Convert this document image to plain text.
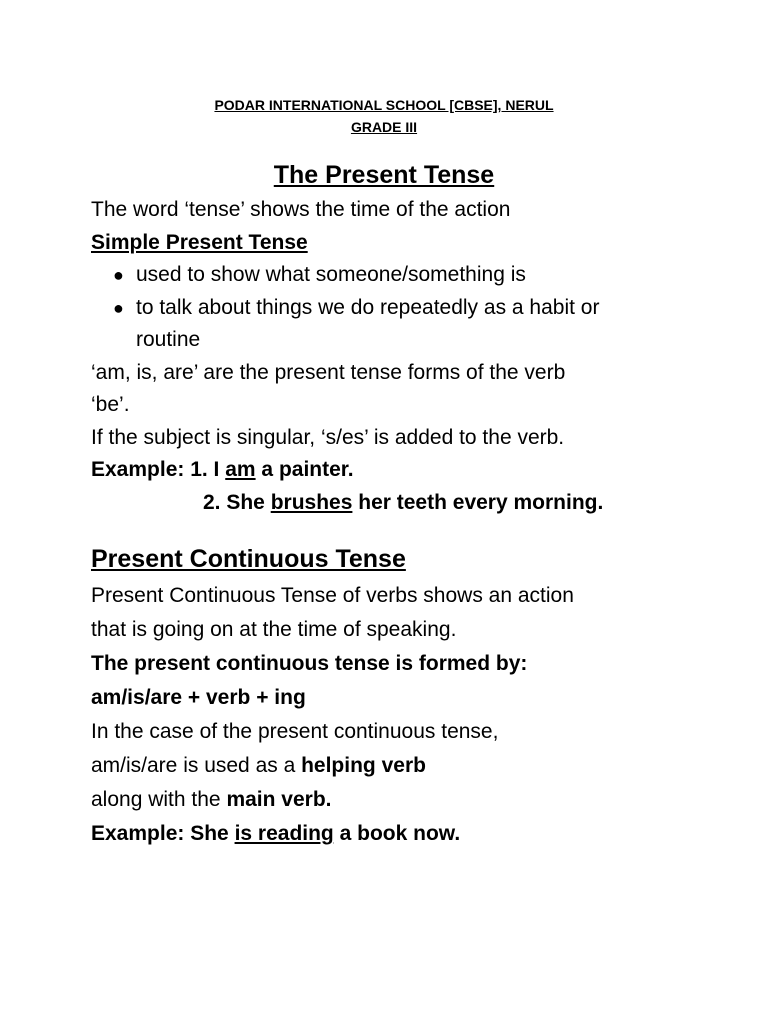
PODAR INTERNATIONAL SCHOOL [CBSE], NERUL
GRADE III
The Present Tense
The word ‘tense’ shows the time of the action
Simple Present Tense
● used to show what someone/something is
● to talk about things we do repeatedly as a habit or
routine
‘am, is, are’ are the present tense forms of the verb
‘be’.
If the subject is singular, ‘s/es’ is added to the verb.
Example: 1. I am a painter.
2. She brushes her teeth every morning.
Present Continuous Tense
Present Continuous Tense of verbs shows an action
that is going on at the time of speaking.
The present continuous tense is formed by:
am/is/are + verb + ing
In the case of the present continuous tense,
am/is/are is used as a helping verb
along with the main verb.
Example: She is reading a book now.
